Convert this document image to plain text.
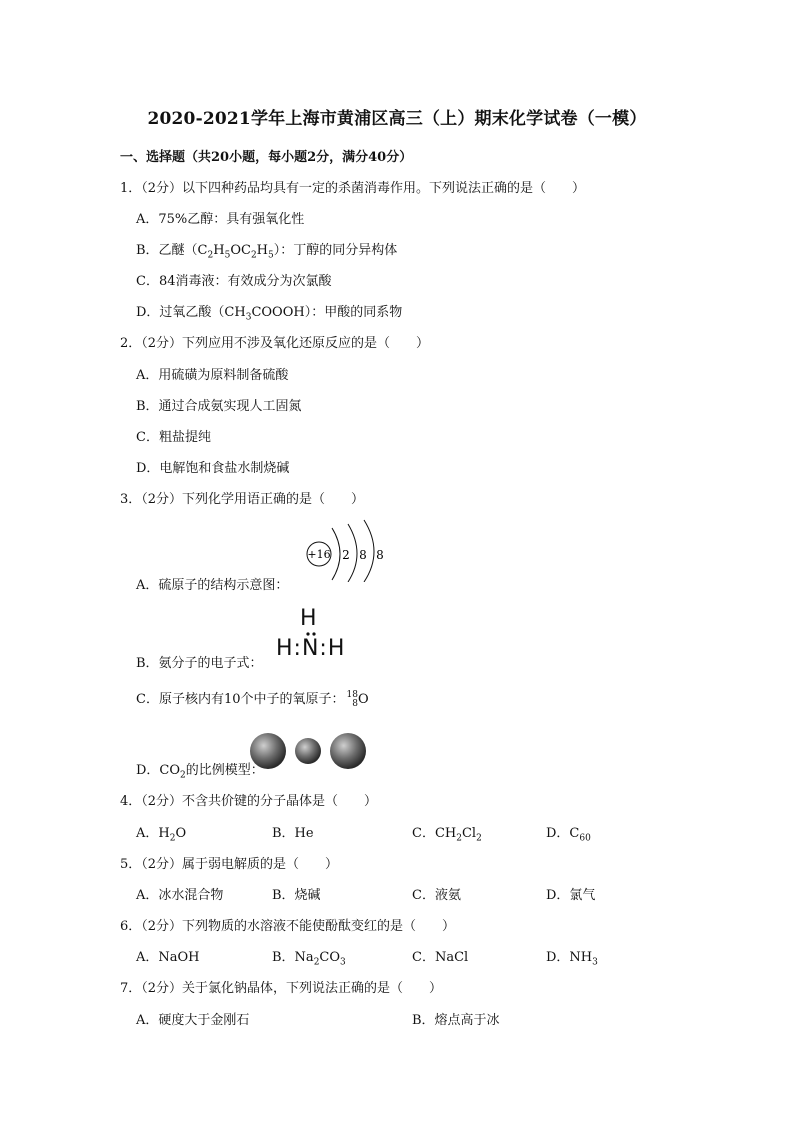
2020-2021学年上海市黄浦区高三（上）期末化学试卷（一模）
一、选择题（共20小题，每小题2分，满分40分）
1．（2分）以下四种药品均具有一定的杀菌消毒作用。下列说法正确的是（　　）
A．75%乙醇：具有强氧化性
B．乙醚$(C_2H_5OC_2H_5)$：丁醇的同分异构体
C．84消毒液：有效成分为次氯酸
D．过氧乙酸$(CH_3COOOH)$：甲酸的同系物
2．（2分）下列应用不涉及氧化还原反应的是（　　）
A．用硫磺为原料制备硫酸
B．通过合成氨实现人工固氮
C．粗盐提纯
D．电解饱和食盐水制烧碱
3．（2分）下列化学用语正确的是（　　）
+16 2 8 8
A．硫原子的结构示意图：
H
H:N:H
B．氨分子的电子式：
C．原子核内有10个中子的氧原子： 18
8 O
D．$CO_2$的比例模型：
4．（2分）不含共价键的分子晶体是（　　）
A．$H_2O$	B．He	C．$CH_2Cl_2$	D．$C_{60}$
5．（2分）属于弱电解质的是（　　）
A．冰水混合物	B．烧碱	C．液氨	D．氯气
6．（2分）下列物质的水溶液不能使酚酞变红的是（　　）
A．NaOH	B．$Na_2CO_3$	C．NaCl	D．$NH_3$
7．（2分）关于氯化钠晶体，下列说法正确的是（　　）
A．硬度大于金刚石	B．熔点高于冰
